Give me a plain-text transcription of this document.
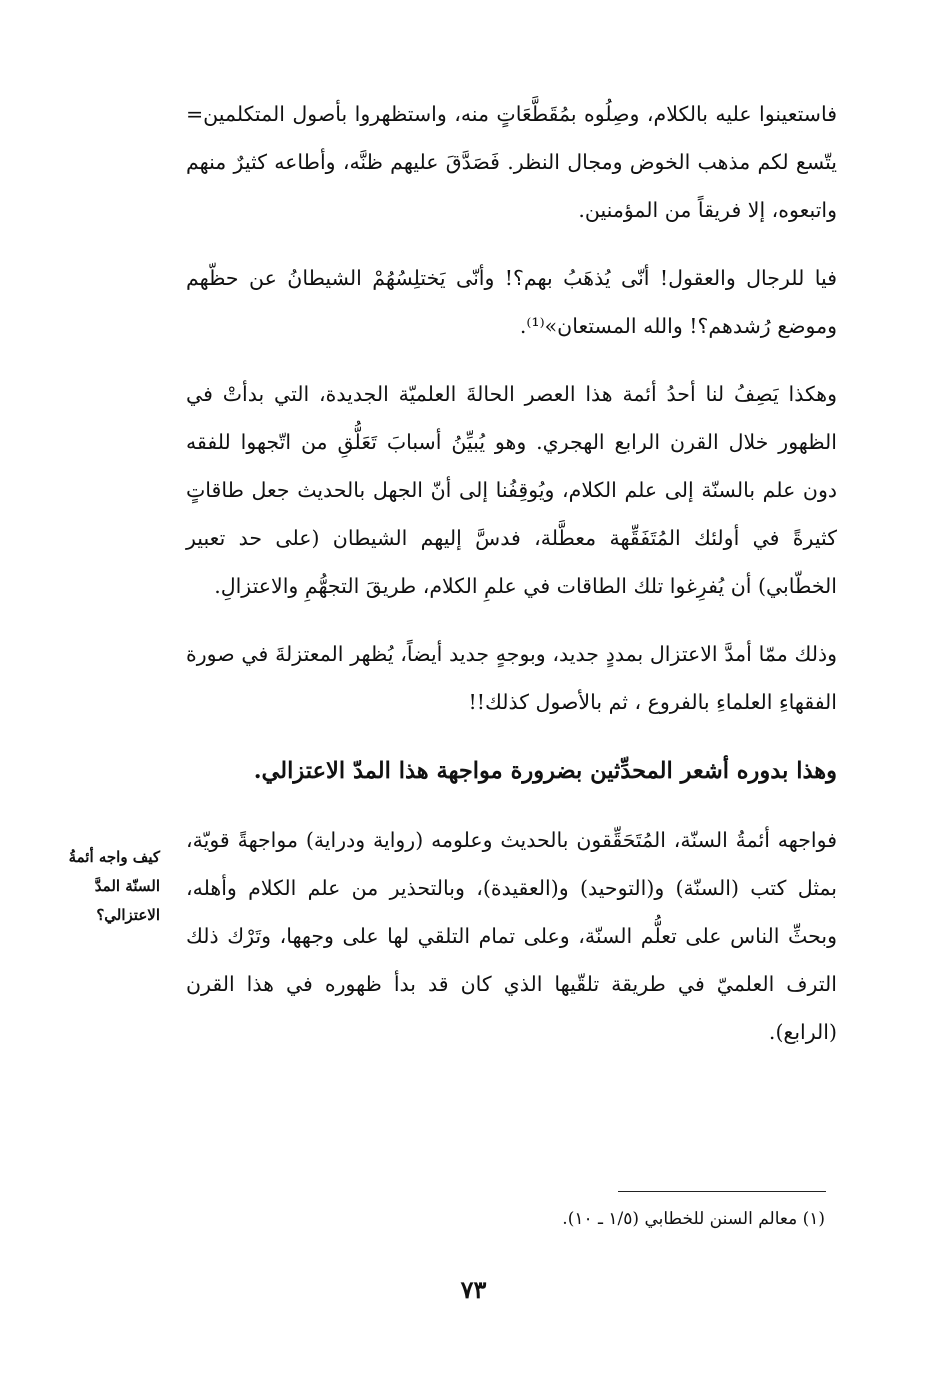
فاستعينوا عليه بالكلام، وصِلُوه بمُقَطَّعَاتٍ منه، واستظهروا بأصول المتكلمين= يتّسع لكم مذهب الخوض ومجال النظر. فَصَدَّقَ عليهم ظنَّه، وأطاعه كثيرٌ منهم واتبعوه، إلا فريقاً من المؤمنين.

فيا للرجال والعقول! أنّى يُذهَبُ بهم؟! وأنّى يَختلِسُهُمْ الشيطانُ عن حظّهم وموضع رُشدهم؟! والله المستعان»⁽¹⁾.

وهكذا يَصِفُ لنا أحدُ أئمة هذا العصر الحالةَ العلميّة الجديدة، التي بدأتْ في الظهور خلال القرن الرابع الهجري. وهو يُبيِّنُ أسبابَ تَعَلُّقِ من اتّجهوا للفقه دون علم بالسنّة إلى علم الكلام، ويُوقِفُنا إلى أنّ الجهل بالحديث جعل طاقاتٍ كثيرةً في أولئك المُتَفَقِّهة معطَّلة، فدسَّ إليهم الشيطان (على حد تعبير الخطّابي) أن يُفرِغوا تلك الطاقات في علمِ الكلام، طريقَ التجهُّمِ والاعتزالِ.

وذلك ممّا أمدَّ الاعتزال بمددٍ جديد، وبوجهٍ جديد أيضاً، يُظهر المعتزلةَ في صورة الفقهاءِ العلماءِ بالفروع ، ثم بالأصول كذلك!!

وهذا بدوره أشعر المحدِّثين بضرورة مواجهة هذا المدّ الاعتزالي.

فواجهه أئمةُ السنّة، المُتَحَقِّقون بالحديث وعلومه (رواية ودراية) مواجهةً قويّة، بمثل كتب (السنّة) و(التوحيد) و(العقيدة)، وبالتحذير من علم الكلام وأهله، وبحثِّ الناس على تعلُّم السنّة، وعلى تمام التلقي لها على وجهها، وتَرْك ذلك الترف العلميّ في طريقة تلقّيها الذي كان قد بدأ ظهوره في هذا القرن (الرابع).

كيف واجه أئمةُ السنّة المدَّ الاعتزالي؟
(١) معالم السنن للخطابي (١/٥ ـ ١٠).
٧٣
